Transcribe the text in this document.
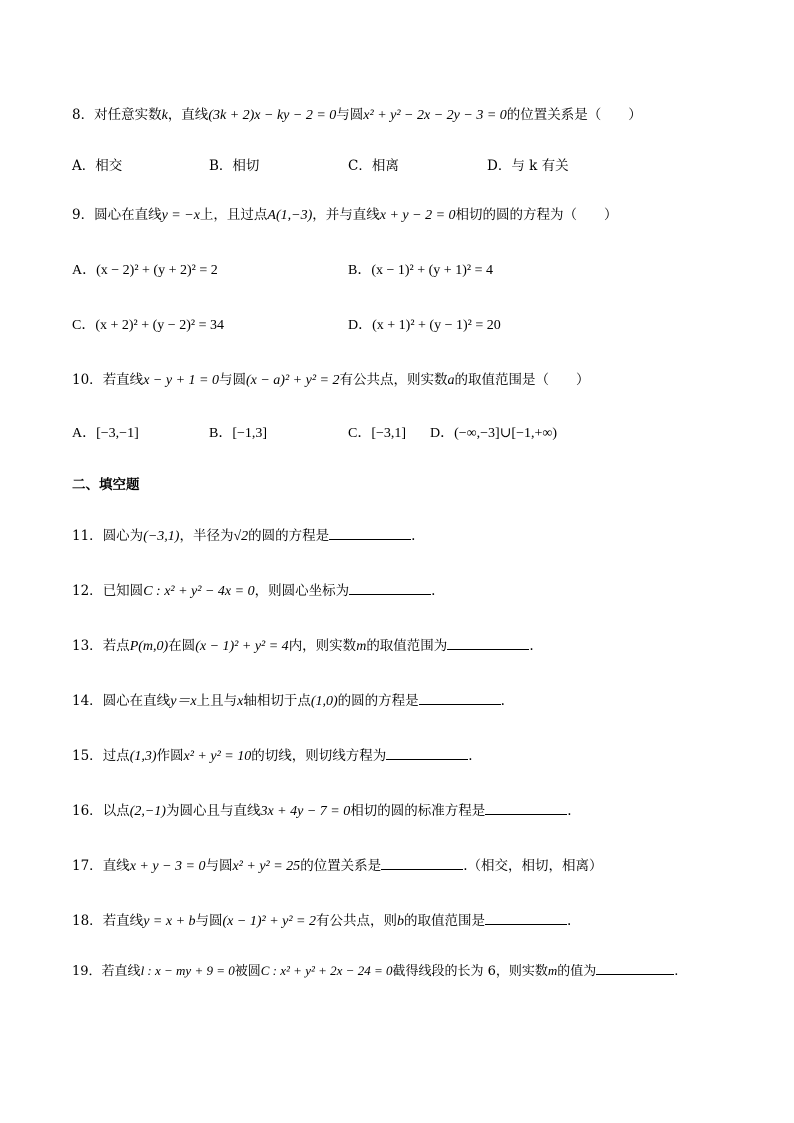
8．对任意实数k，直线(3k + 2)x − ky − 2 = 0与圆x² + y² − 2x − 2y − 3 = 0的位置关系是（　　）
A．相交	B．相切	C．相离	D．与 k 有关
9．圆心在直线y = −x上，且过点A(1,−3)，并与直线x + y − 2 = 0相切的圆的方程为（　　）
A．(x − 2)² + (y + 2)² = 2	B．(x − 1)² + (y + 1)² = 4
C．(x + 2)² + (y − 2)² = 34	D．(x + 1)² + (y − 1)² = 20
10．若直线x − y + 1 = 0与圆(x − a)² + y² = 2有公共点，则实数a的取值范围是（　　）
A．[−3,−1]	B．[−1,3]	C．[−3,1] D．(−∞,−3]∪[−1,+∞)
二、填空题
11．圆心为(−3,1)，半径为√2的圆的方程是	.
12．已知圆C : x² + y² − 4x = 0，则圆心坐标为	.
13．若点P(m,0)在圆(x − 1)² + y² = 4内，则实数m的取值范围为	.
14．圆心在直线y＝x上且与x轴相切于点(1,0)的圆的方程是	.
15．过点(1,3)作圆x² + y² = 10的切线，则切线方程为	.
16．以点(2,−1)为圆心且与直线3x + 4y − 7 = 0相切的圆的标准方程是	.
17．直线x + y − 3 = 0与圆x² + y² = 25的位置关系是	.（相交，相切，相离）
18．若直线y = x + b与圆(x − 1)² + y² = 2有公共点，则b的取值范围是	.
19．若直线l : x − my + 9 = 0被圆C : x² + y² + 2x − 24 = 0截得线段的长为 6，则实数m的值为	.
